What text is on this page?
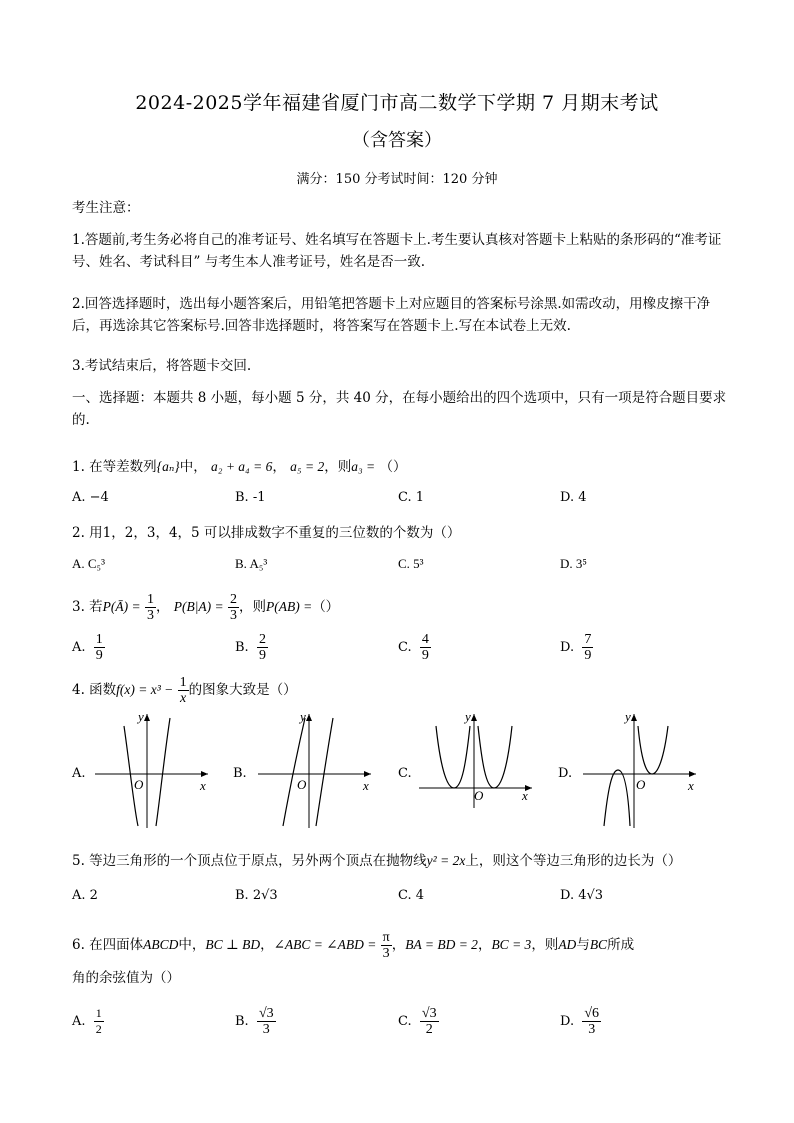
2024-2025学年福建省厦门市高二数学下学期 7 月期末考试
（含答案）
满分：150 分考试时间：120 分钟
考生注意：
1.答题前,考生务必将自己的准考证号、姓名填写在答题卡上.考生要认真核对答题卡上粘贴的条形码的“准考证号、姓名、考试科目” 与考生本人准考证号，姓名是否一致.
2.回答选择题时，选出每小题答案后，用铅笔把答题卡上对应题目的答案标号涂黑.如需改动，用橡皮擦干净后，再选涂其它答案标号.回答非选择题时，将答案写在答题卡上.写在本试卷上无效.
3.考试结束后，将答题卡交回.
一、选择题：本题共 8 小题，每小题 5 分，共 40 分，在每小题给出的四个选项中，只有一项是符合题目要求的.
1. 在等差数列{aₙ}中， a₂ + a₄ = 6， a₅ = 2，则a₃ = （）
A. −4	B. -1	C. 1	D. 4
2. 用1，2，3，4，5 可以排成数字不重复的三位数的个数为（）
A. C₅³	B. A₅³	C. 5³	D. 3⁵
3. 若P(Ā) = $\frac{1}{3}$ ， $P(B|A) = \frac{2}{3}$ ，则P(AB) =（）
A. $\frac{1}{9}$	B. $\frac{2}{9}$	C. $\frac{4}{9}$	D. $\frac{7}{9}$
4. 函数$f(x) = x^3 - \frac{1}{x}$ 的图象大致是（）
A.	B.	C.	D.
y
x
O
y
x
O
y
x
O
y
x
O
5. 等边三角形的一个顶点位于原点，另外两个顶点在抛物线y² = 2x上，则这个等边三角形的边长为（）
A. 2	B. 2√3	C. 4	D. 4√3
6. 在四面体ABCD中，BC ⊥ BD，∠ABC = ∠ABD = $\frac{\pi}{3}$ ，BA = BD = 2，BC = 3，则AD与BC所成
角的余弦值为（）
A. $\frac{1}{2}$	B. $\frac{√3}{3}$	C. $\frac{√3}{2}$	D. $\frac{√6}{3}$
